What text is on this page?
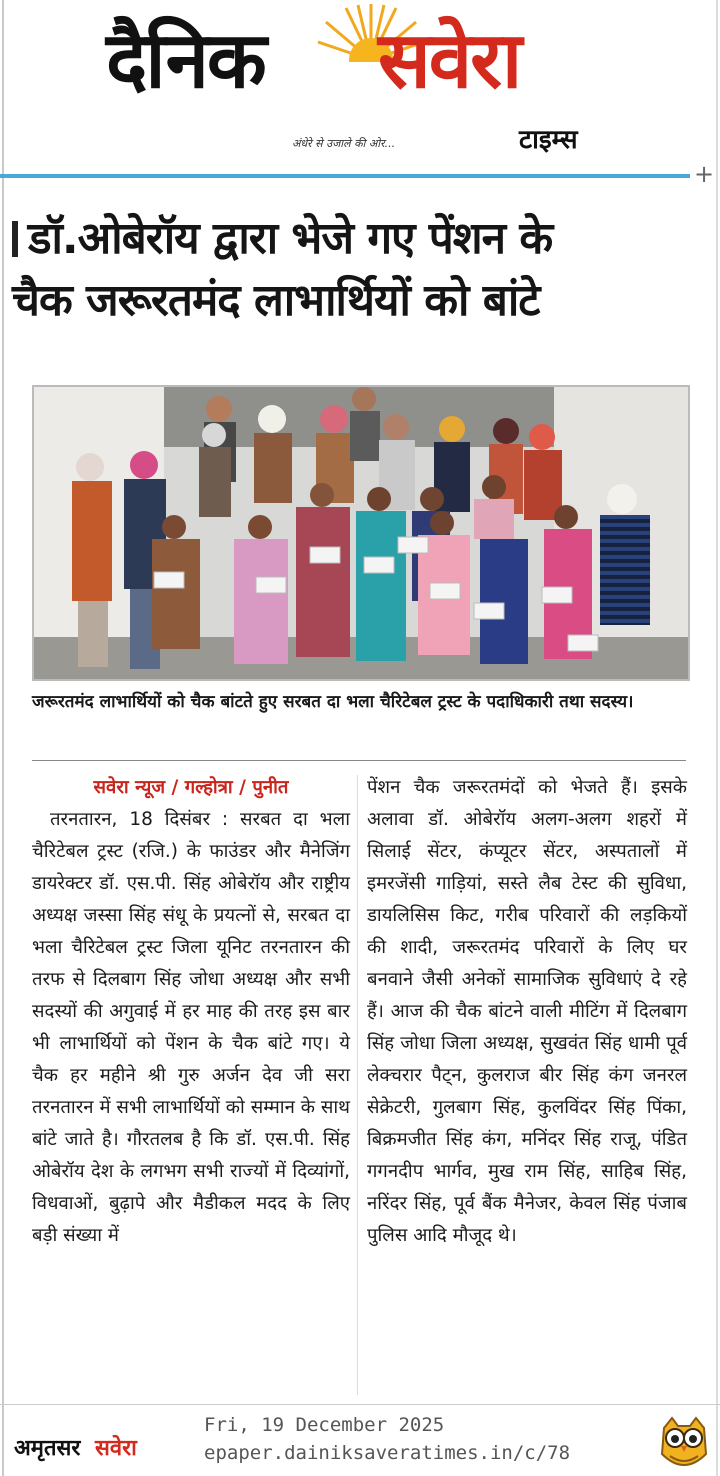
दैनिक सवेरा
अंधेरे से उजाले की ओर...	टाइम्स
+
डॉ.ओबेरॉय द्वारा भेजे गए पेंशन के
चैक जरूरतमंद लाभार्थियों को बांटे
जरूरतमंद लाभार्थियों को चैक बांटते हुए सरबत दा भला चैरिटेबल ट्रस्ट के पदाधिकारी तथा सदस्य।
सवेरा न्यूज / गल्होत्रा / पुनीत
तरनतारन, 18 दिसंबर : सरबत दा भला चैरिटेबल ट्रस्ट (रजि.) के फाउंडर और मैनेजिंग डायरेक्टर डॉ. एस.पी. सिंह ओबेरॉय और राष्ट्रीय अध्यक्ष जस्सा सिंह संधू के प्रयत्नों से, सरबत दा भला चैरिटेबल ट्रस्ट जिला यूनिट तरनतारन की तरफ से दिलबाग सिंह जोधा अध्यक्ष और सभी सदस्यों की अगुवाई में हर माह की तरह इस बार भी लाभार्थियों को पेंशन के चैक बांटे गए। ये चैक हर महीने श्री गुरु अर्जन देव जी सरा तरनतारन में सभी लाभार्थियों को सम्मान के साथ बांटे जाते है। गौरतलब है कि डॉ. एस.पी. सिंह ओबेरॉय देश के लगभग सभी राज्यों में दिव्यांगों, विधवाओं, बुढ़ापे और मैडीकल मदद के लिए बड़ी संख्या में
पेंशन चैक जरूरतमंदों को भेजते हैं। इसके अलावा डॉ. ओबेरॉय अलग-अलग शहरों में सिलाई सेंटर, कंप्यूटर सेंटर, अस्पतालों में इमरजेंसी गाड़ियां, सस्ते लैब टेस्ट की सुविधा, डायलिसिस किट, गरीब परिवारों की लड़कियों की शादी, जरूरतमंद परिवारों के लिए घर बनवाने जैसी अनेकों सामाजिक सुविधाएं दे रहे हैं। आज की चैक बांटने वाली मीटिंग में दिलबाग सिंह जोधा जिला अध्यक्ष, सुखवंत सिंह धामी पूर्व लेक्चरार पैट्न, कुलराज बीर सिंह कंग जनरल सेक्रेटरी, गुलबाग सिंह, कुलविंदर सिंह पिंका, बिक्रमजीत सिंह कंग, मनिंदर सिंह राजू, पंडित गगनदीप भार्गव, मुख राम सिंह, साहिब सिंह, नरिंदर सिंह, पूर्व बैंक मैनेजर, केवल सिंह पंजाब पुलिस आदि मौजूद थे।
अमृतसर सवेरा
Fri, 19 December 2025
epaper.dainiksaveratimes.in/c/78
